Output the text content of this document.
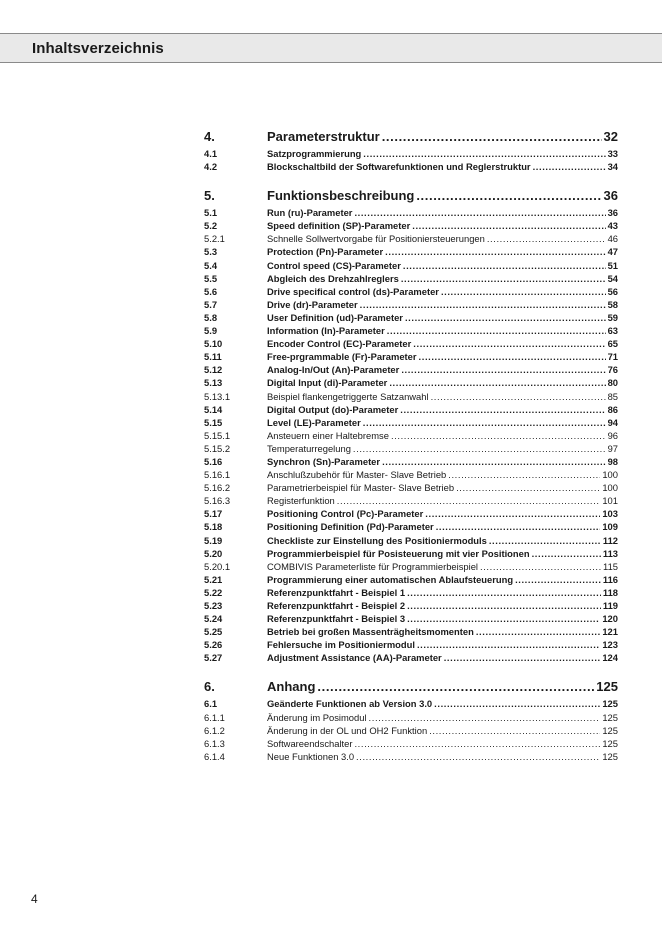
Inhaltsverzeichnis
4.	Parameterstruktur .....	32
4.1	Satzprogrammierung .....	33
4.2	Blockschaltbild der Softwarefunktionen und Reglerstruktur .....	34
5.	Funktionsbeschreibung .....	36
5.1	Run (ru)-Parameter .....	36
5.2	Speed definition (SP)-Parameter .....	43
5.2.1	Schnelle Sollwertvorgabe für Positioniersteuerungen .....	46
5.3	Protection (Pn)-Parameter .....	47
5.4	Control speed (CS)-Parameter .....	51
5.5	Abgleich des Drehzahlreglers .....	54
5.6	Drive specifical control (ds)-Parameter .....	56
5.7	Drive (dr)-Parameter .....	58
5.8	User Definition (ud)-Parameter .....	59
5.9	Information (In)-Parameter .....	63
5.10	Encoder Control (EC)-Parameter .....	65
5.11	Free-prgrammable (Fr)-Parameter .....	71
5.12	Analog-In/Out (An)-Parameter .....	76
5.13	Digital Input (di)-Parameter .....	80
5.13.1	Beispiel flankengetriggerte Satzanwahl .....	85
5.14	Digital Output (do)-Parameter .....	86
5.15	Level (LE)-Parameter .....	94
5.15.1	Ansteuern einer Haltebremse .....	96
5.15.2	Temperaturregelung .....	97
5.16	Synchron (Sn)-Parameter .....	98
5.16.1	Anschlußzubehör für Master- Slave Betrieb .....	100
5.16.2	Parametrierbeispiel für Master- Slave Betrieb .....	100
5.16.3	Registerfunktion .....	101
5.17	Positioning Control (Pc)-Parameter .....	103
5.18	Positioning Definition (Pd)-Parameter .....	109
5.19	Checkliste zur Einstellung des Positioniermoduls .....	112
5.20	Programmierbeispiel für Posisteuerung mit vier Positionen .....	113
5.20.1	COMBIVIS Parameterliste für Programmierbeispiel .....	115
5.21	Programmierung einer automatischen Ablaufsteuerung .....	116
5.22	Referenzpunktfahrt - Beispiel 1 .....	118
5.23	Referenzpunktfahrt - Beispiel 2 .....	119
5.24	Referenzpunktfahrt - Beispiel 3 .....	120
5.25	Betrieb bei großen Massenträgheitsmomenten .....	121
5.26	Fehlersuche im Positioniermodul .....	123
5.27	Adjustment Assistance (AA)-Parameter .....	124
6.	Anhang .....	125
6.1	Geänderte Funktionen ab Version 3.0 .....	125
6.1.1	Änderung im Posimodul .....	125
6.1.2	Änderung in der OL und OH2 Funktion .....	125
6.1.3	Softwareendschalter .....	125
6.1.4	Neue Funktionen 3.0 .....	125
4
